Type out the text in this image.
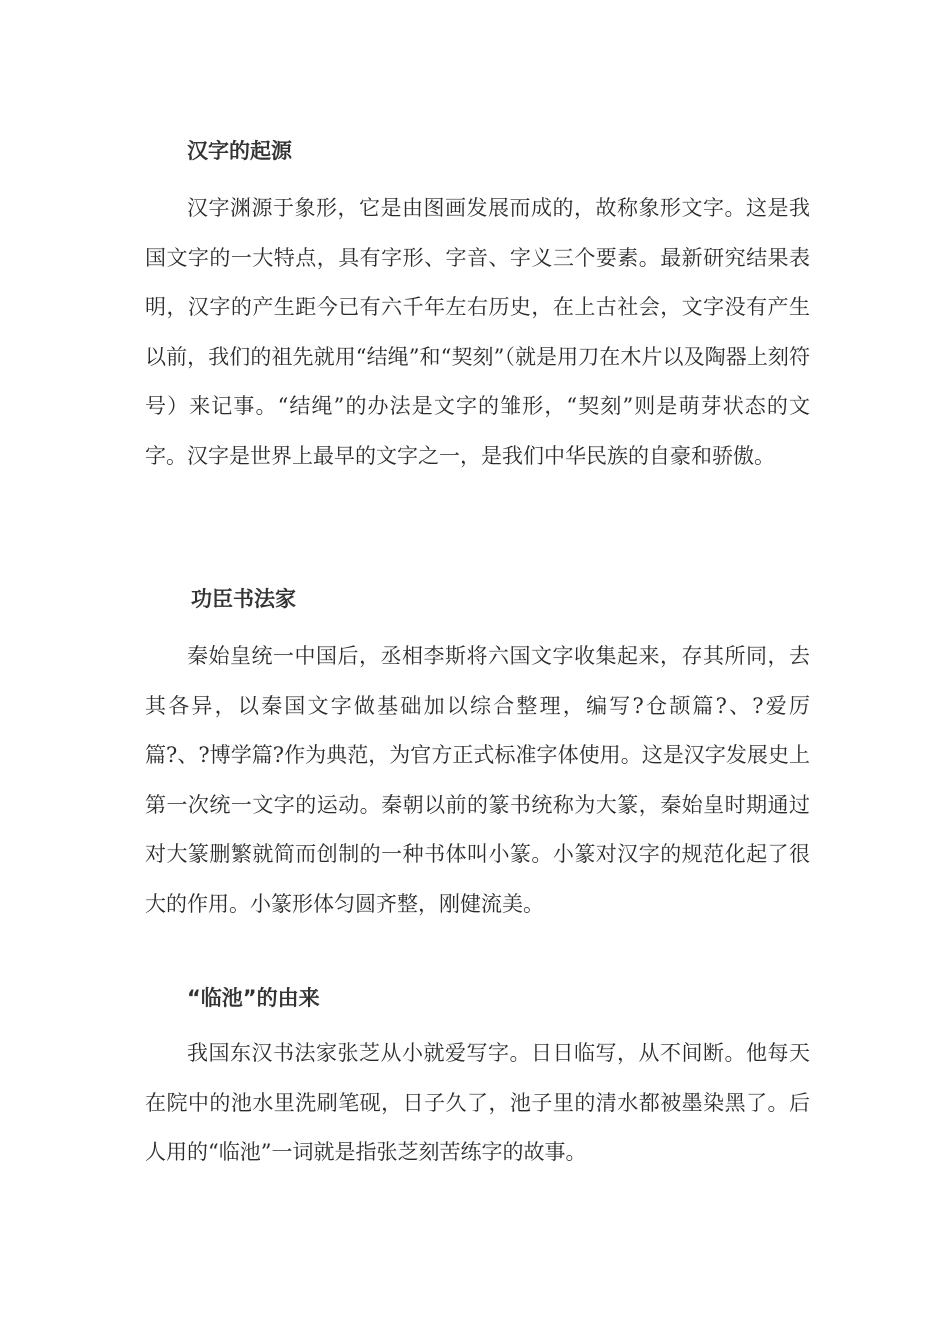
汉字的起源

汉字渊源于象形，它是由图画发展而成的，故称象形文字。这是我国文字的一大特点，具有字形、字音、字义三个要素。最新研究结果表明，汉字的产生距今已有六千年左右历史，在上古社会，文字没有产生以前，我们的祖先就用“结绳”和“契刻”（就是用刀在木片以及陶器上刻符号）来记事。“结绳”的办法是文字的雏形，“契刻”则是萌芽状态的文字。汉字是世界上最早的文字之一，是我们中华民族的自豪和骄傲。

功臣书法家

秦始皇统一中国后，丞相李斯将六国文字收集起来，存其所同，去其各异，以秦国文字做基础加以综合整理，编写?仓颉篇?、?爱厉篇?、?博学篇?作为典范，为官方正式标准字体使用。这是汉字发展史上第一次统一文字的运动。秦朝以前的篆书统称为大篆，秦始皇时期通过对大篆删繁就简而创制的一种书体叫小篆。小篆对汉字的规范化起了很大的作用。小篆形体匀圆齐整，刚健流美。

“临池”的由来

我国东汉书法家张芝从小就爱写字。日日临写，从不间断。他每天在院中的池水里洗刷笔砚，日子久了，池子里的清水都被墨染黑了。后人用的“临池”一词就是指张芝刻苦练字的故事。
